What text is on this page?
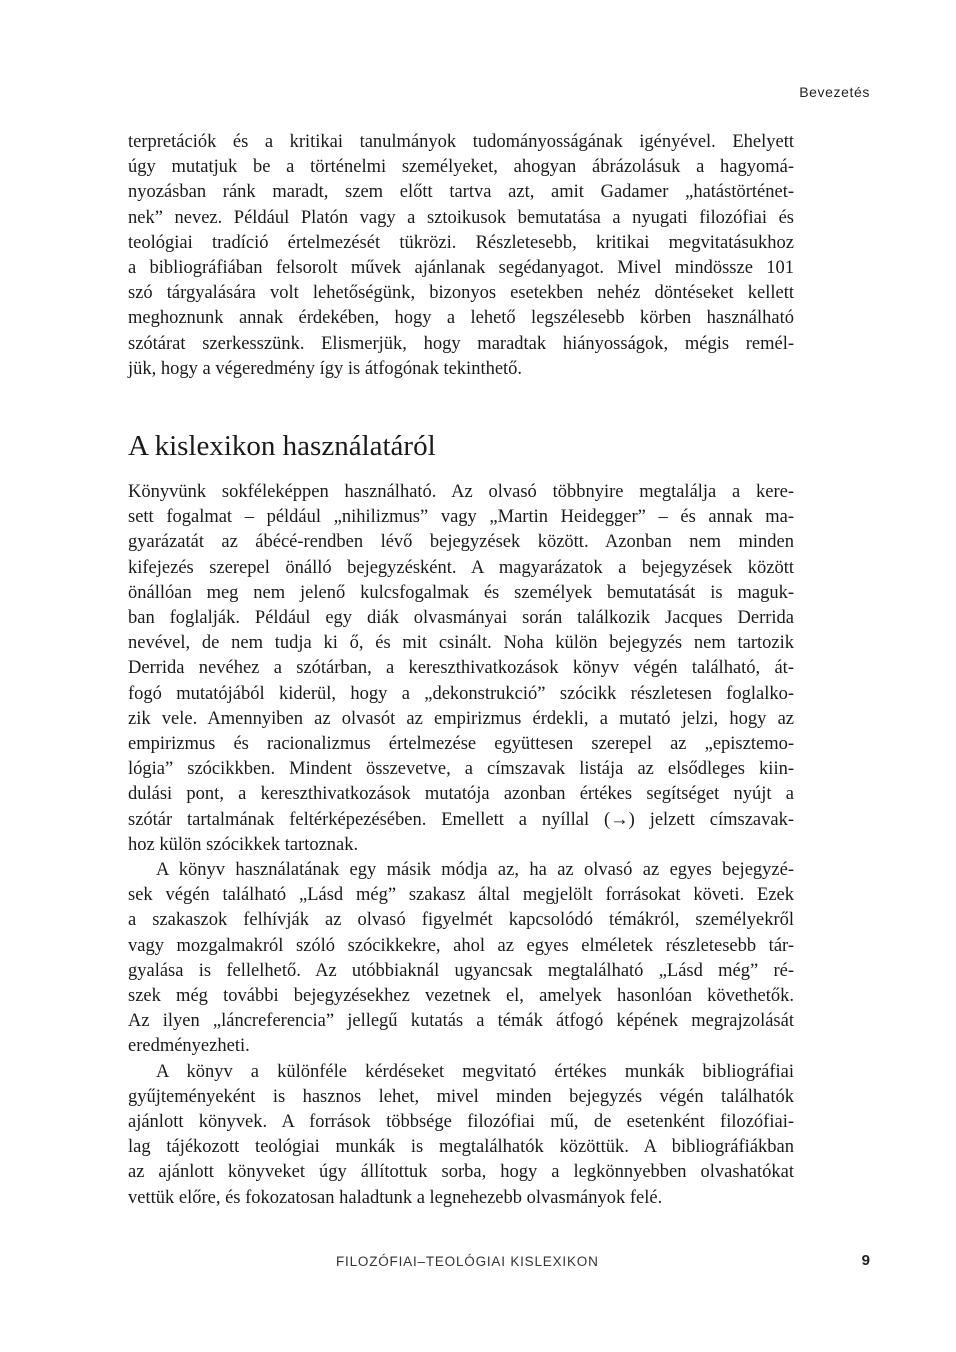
Bevezetés
terpretációk és a kritikai tanulmányok tudományosságának igényével. Ehelyett
úgy mutatjuk be a történelmi személyeket, ahogyan ábrázolásuk a hagyomá-
nyozásban ránk maradt, szem előtt tartva azt, amit Gadamer „hatástörténet-
nek” nevez. Például Platón vagy a sztoikusok bemutatása a nyugati filozófiai és
teológiai tradíció értelmezését tükrözi. Részletesebb, kritikai megvitatásukhoz
a bibliográfiában felsorolt művek ajánlanak segédanyagot. Mivel mindössze 101
szó tárgyalására volt lehetőségünk, bizonyos esetekben nehéz döntéseket kellett
meghoznunk annak érdekében, hogy a lehető legszélesebb körben használható
szótárat szerkesszünk. Elismerjük, hogy maradtak hiányosságok, mégis remél-
jük, hogy a végeredmény így is átfogónak tekinthető.
A kislexikon használatáról
Könyvünk sokféleképpen használható. Az olvasó többnyire megtalálja a kere-
sett fogalmat – például „nihilizmus” vagy „Martin Heidegger” – és annak ma-
gyarázatát az ábécé-rendben lévő bejegyzések között. Azonban nem minden
kifejezés szerepel önálló bejegyzésként. A magyarázatok a bejegyzések között
önállóan meg nem jelenő kulcsfogalmak és személyek bemutatását is maguk-
ban foglalják. Például egy diák olvasmányai során találkozik Jacques Derrida
nevével, de nem tudja ki ő, és mit csinált. Noha külön bejegyzés nem tartozik
Derrida nevéhez a szótárban, a kereszthivatkozások könyv végén található, át-
fogó mutatójából kiderül, hogy a „dekonstrukció” szócikk részletesen foglalko-
zik vele. Amennyiben az olvasót az empirizmus érdekli, a mutató jelzi, hogy az
empirizmus és racionalizmus értelmezése együttesen szerepel az „episztemo-
lógia” szócikkben. Mindent összevetve, a címszavak listája az elsődleges kiin-
dulási pont, a kereszthivatkozások mutatója azonban értékes segítséget nyújt a
szótár tartalmának feltérképezésében. Emellett a nyíllal (→) jelzett címszavak-
hoz külön szócikkek tartoznak.
A könyv használatának egy másik módja az, ha az olvasó az egyes bejegyzé-
sek végén található „Lásd még” szakasz által megjelölt forrásokat követi. Ezek
a szakaszok felhívják az olvasó figyelmét kapcsolódó témákról, személyekről
vagy mozgalmakról szóló szócikkekre, ahol az egyes elméletek részletesebb tár-
gyalása is fellelhető. Az utóbbiaknál ugyancsak megtalálható „Lásd még” ré-
szek még további bejegyzésekhez vezetnek el, amelyek hasonlóan követhetők.
Az ilyen „láncreferencia” jellegű kutatás a témák átfogó képének megrajzolását
eredményezheti.
A könyv a különféle kérdéseket megvitató értékes munkák bibliográfiai
gyűjteményeként is hasznos lehet, mivel minden bejegyzés végén találhatók
ajánlott könyvek. A források többsége filozófiai mű, de esetenként filozófiai-
lag tájékozott teológiai munkák is megtalálhatók közöttük. A bibliográfiákban
az ajánlott könyveket úgy állítottuk sorba, hogy a legkönnyebben olvashatókat
vettük előre, és fokozatosan haladtunk a legnehezebb olvasmányok felé.
FILOZÓFIAI–TEOLÓGIAI KISLEXIKON	9
